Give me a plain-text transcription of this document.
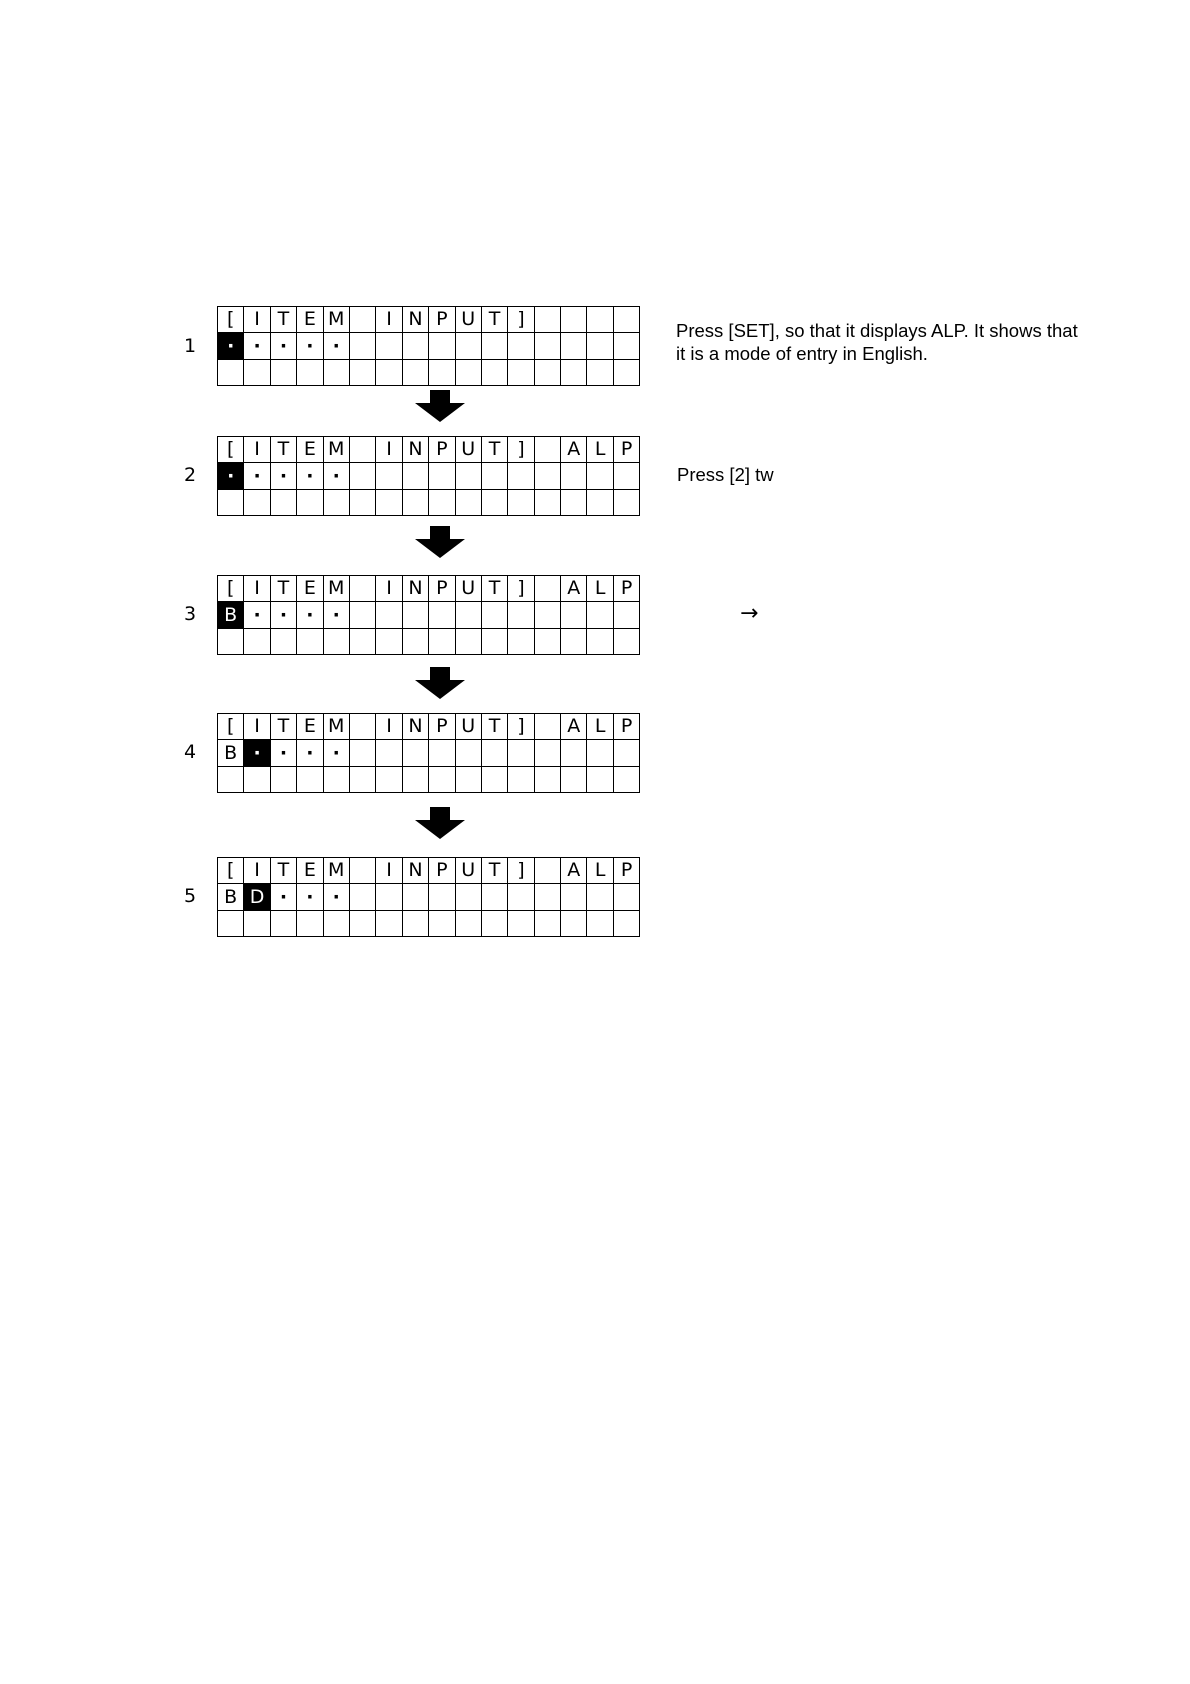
1
2
3
4
5
[	I	T	E	M		I	N	P	U	T	]				
·	·	·	·	·											

[	I	T	E	M		I	N	P	U	T	]		A	L	P
·	·	·	·	·											

[	I	T	E	M		I	N	P	U	T	]		A	L	P
B	·	·	·	·											

[	I	T	E	M		I	N	P	U	T	]		A	L	P
B	·	·	·	·											

[	I	T	E	M		I	N	P	U	T	]		A	L	P
B	D	·	·	·											

Press [SET], so that it displays ALP. It shows that
it is a mode of entry in English.
Press [2] tw
→
